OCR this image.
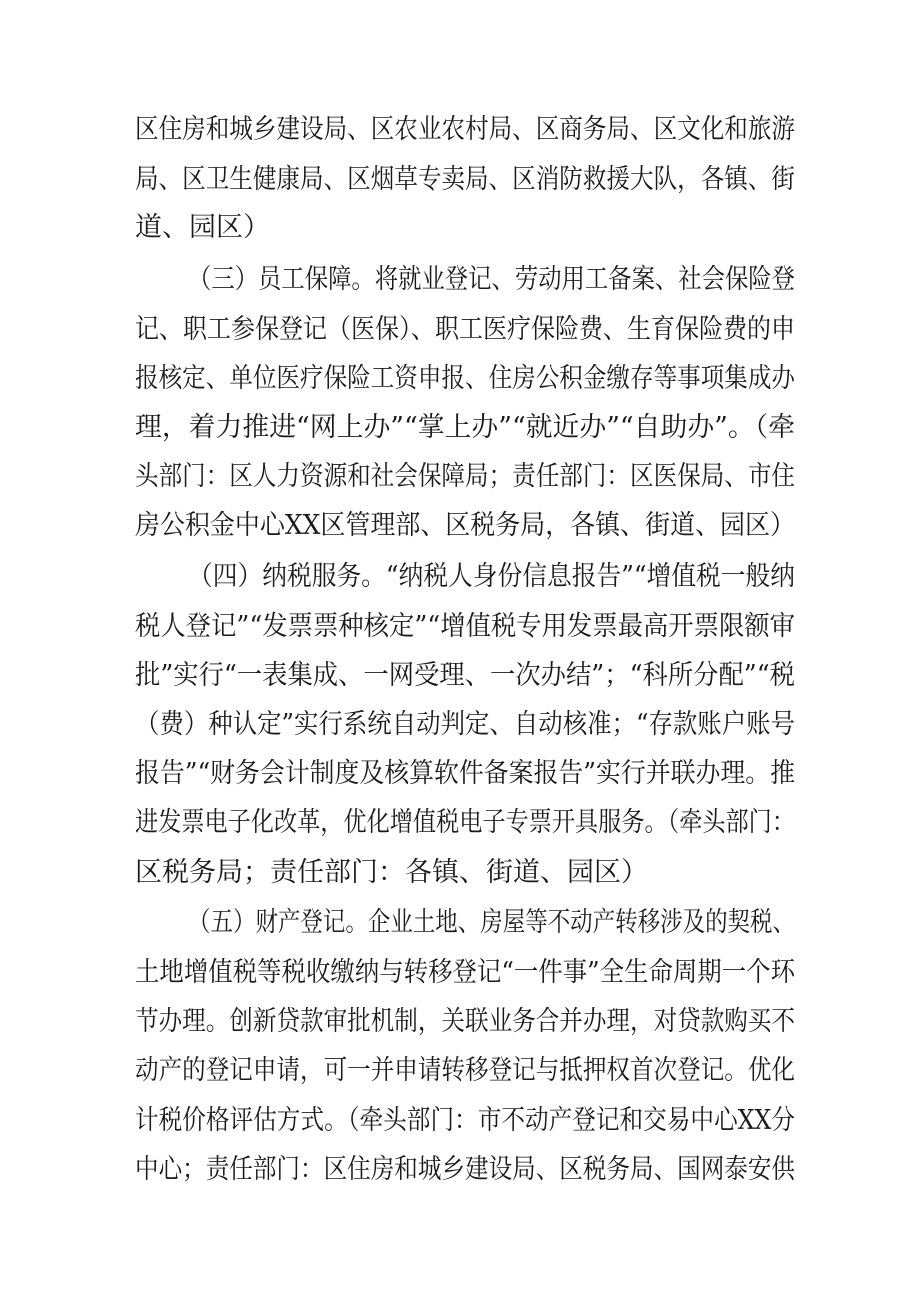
区住房和城乡建设局、区农业农村局、区商务局、区文化和旅游
局、区卫生健康局、区烟草专卖局、区消防救援大队，各镇、街
道、园区）
（三）员工保障。将就业登记、劳动用工备案、社会保险登
记、职工参保登记（医保）、职工医疗保险费、生育保险费的申
报核定、单位医疗保险工资申报、住房公积金缴存等事项集成办
理，着力推进“网上办”“掌上办”“就近办”“自助办”。（牵
头部门：区人力资源和社会保障局；责任部门：区医保局、市住
房公积金中心XX区管理部、区税务局，各镇、街道、园区）
（四）纳税服务。“纳税人身份信息报告”“增值税一般纳
税人登记”“发票票种核定”“增值税专用发票最高开票限额审
批”实行“一表集成、一网受理、一次办结”；“科所分配”“税
（费）种认定”实行系统自动判定、自动核准；“存款账户账号
报告”“财务会计制度及核算软件备案报告”实行并联办理。推
进发票电子化改革，优化增值税电子专票开具服务。（牵头部门：
区税务局；责任部门：各镇、街道、园区）
（五）财产登记。企业土地、房屋等不动产转移涉及的契税、
土地增值税等税收缴纳与转移登记“一件事”全生命周期一个环
节办理。创新贷款审批机制，关联业务合并办理，对贷款购买不
动产的登记申请，可一并申请转移登记与抵押权首次登记。优化
计税价格评估方式。（牵头部门：市不动产登记和交易中心XX分
中心；责任部门：区住房和城乡建设局、区税务局、国网泰安供
